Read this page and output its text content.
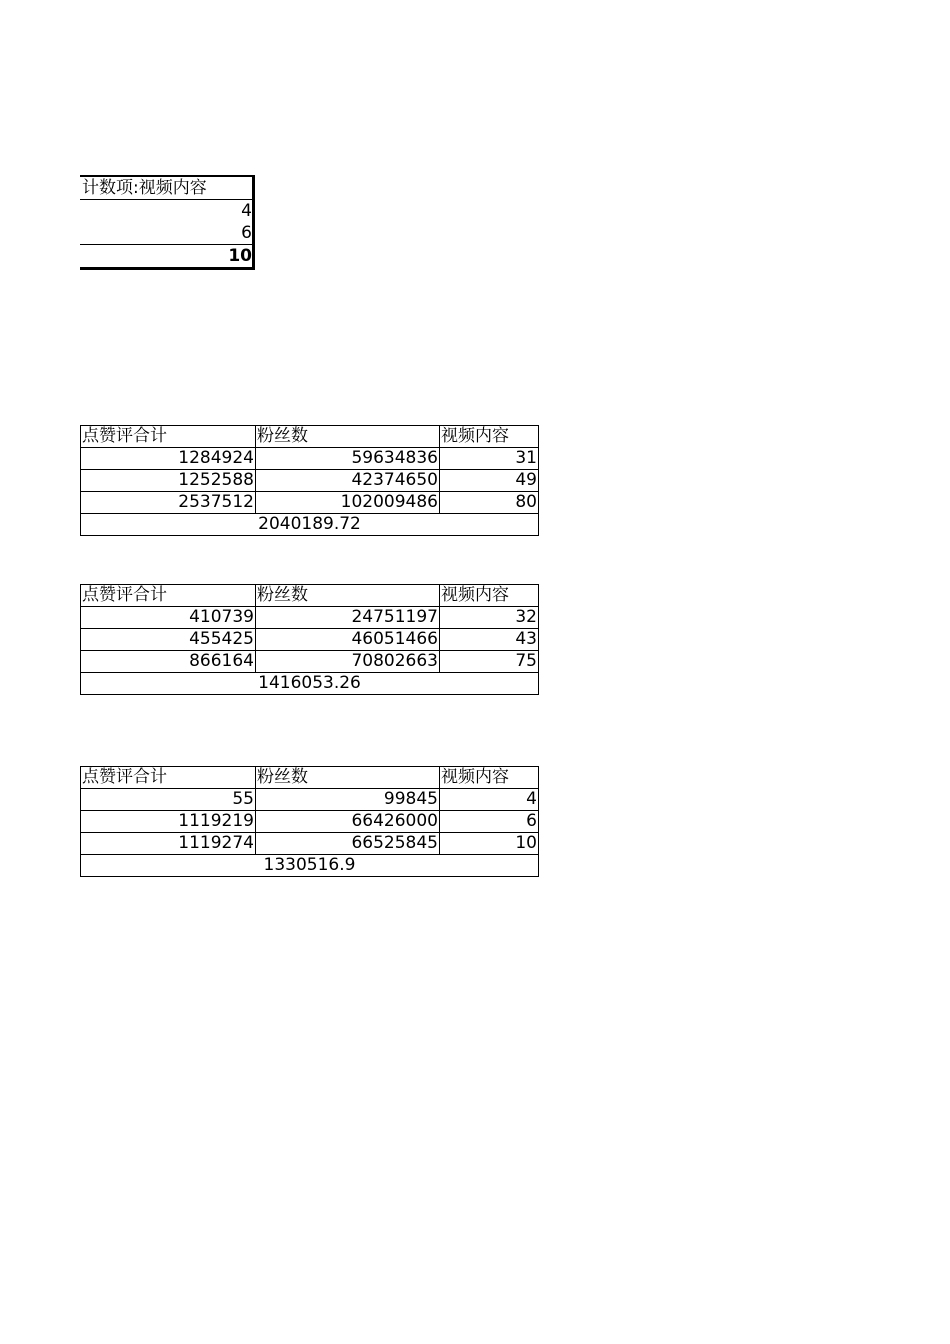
计数项:视频内容
4
6
10
点赞评合计	粉丝数	视频内容
1284924	59634836	31
1252588	42374650	49
2537512	102009486	80
2040189.72		
点赞评合计	粉丝数	视频内容
410739	24751197	32
455425	46051466	43
866164	70802663	75
1416053.26		
点赞评合计	粉丝数	视频内容
55	99845	4
1119219	66426000	6
1119274	66525845	10
1330516.9		
